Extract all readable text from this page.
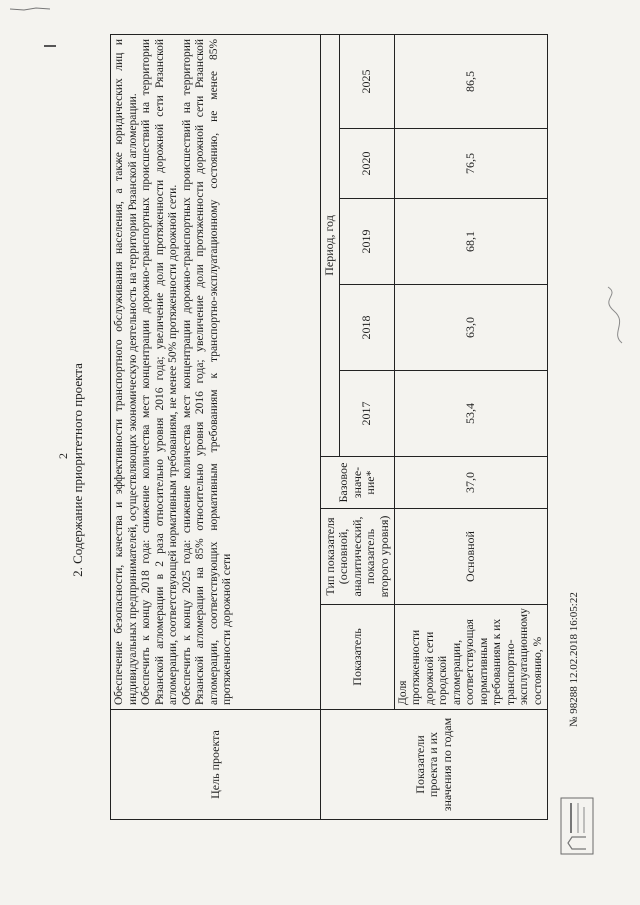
2 2. Содержание приоритетного проекта
Цель проекта	Обеспечение безопасности, качества и эффективности транспортного обслуживания населения, а также юридических лиц и индивидуальных предпринимателей, осуществляющих экономическую деятельность на территории Рязанской агломерации. Обеспечить к концу 2018 года: снижение количества мест концентрации дорожно-транспортных происшествий на территории Рязанской агломерации в 2 раза относительно уровня 2016 года; увеличение доли протяженности дорожной сети Рязанской агломерации, соответствующей нормативным требованиям, не менее 50% протяженности дорожной сети. Обеспечить к концу 2025 года: снижение количества мест концентрации дорожно-транспортных происшествий на территории Рязанской агломерации на 85% относительно уровня 2016 года; увеличение доли протяженности дорожной сети Рязанской агломерации, соответствующих нормативным требованиям к транспортно-эксплуатационному состоянию, не менее 85% протяженности дорожной сети							

Показатели проекта и их значения по годам	Показатель	Тип показателя (основной, аналитический, показатель второго уровня)	Базовое значе-ние*	Период, год				
				2017	2018	2019	2020	2025
	Доля протяженности дорожной сети городской агломерации, соответствующая нормативным требованиям к их транспортно-эксплуатационному состоянию, %	Основной	37,0	53,4	63,0	68,1	76,5	86,5
№ 98288 12.02.2018 16:05:22
